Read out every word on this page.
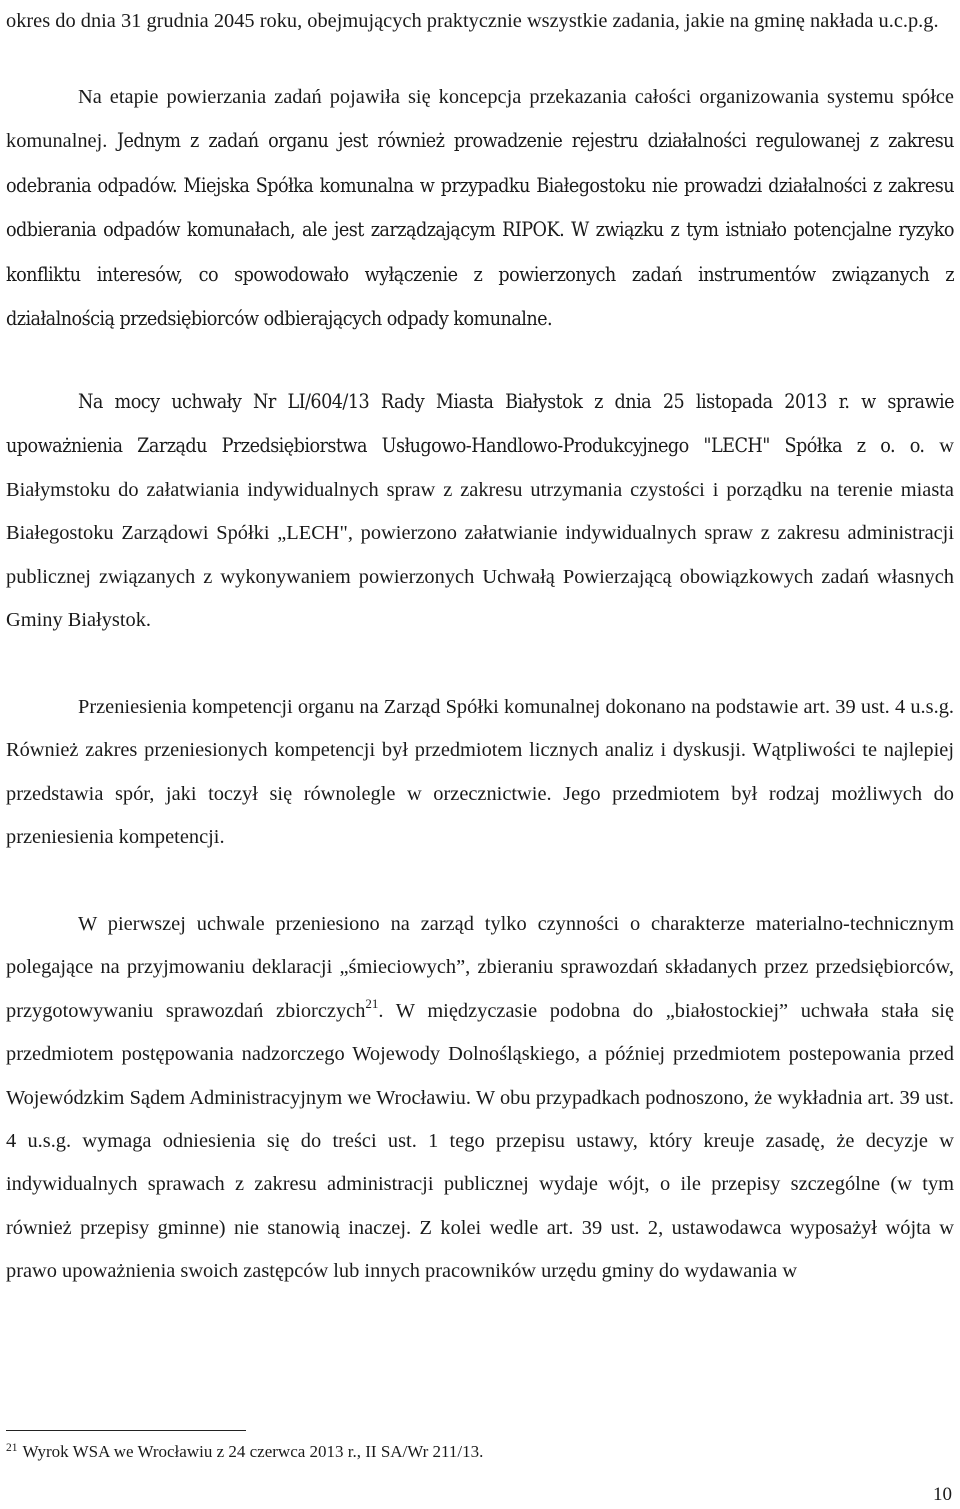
okres do dnia 31 grudnia 2045 roku, obejmujących praktycznie wszystkie zadania, jakie na gminę nakłada u.c.p.g.

Na etapie powierzania zadań pojawiła się koncepcja przekazania całości organizowania systemu spółce komunalnej. Jednym z zadań organu jest również prowadzenie rejestru działalności regulowanej z zakresu odebrania odpadów. Miejska Spółka komunalna w przypadku Białegostoku nie prowadzi działalności z zakresu odbierania odpadów komunałach, ale jest zarządzającym RIPOK. W związku z tym istniało potencjalne ryzyko konfliktu interesów, co spowodowało wyłączenie z powierzonych zadań instrumentów związanych z działalnością przedsiębiorców odbierających odpady komunalne.

Na mocy uchwały Nr LI/604/13 Rady Miasta Białystok z dnia 25 listopada 2013 r. w sprawie upoważnienia Zarządu Przedsiębiorstwa Usługowo-Handlowo-Produkcyjnego "LECH" Spółka z o. o. w Białymstoku do załatwiania indywidualnych spraw z zakresu utrzymania czystości i porządku na terenie miasta Białegostoku Zarządowi Spółki „LECH", powierzono załatwianie indywidualnych spraw z zakresu administracji publicznej związanych z wykonywaniem powierzonych Uchwałą Powierzającą obowiązkowych zadań własnych Gminy Białystok.

Przeniesienia kompetencji organu na Zarząd Spółki komunalnej dokonano na podstawie art. 39 ust. 4 u.s.g. Również zakres przeniesionych kompetencji był przedmiotem licznych analiz i dyskusji. Wątpliwości te najlepiej przedstawia spór, jaki toczył się równolegle w orzecznictwie. Jego przedmiotem był rodzaj możliwych do przeniesienia kompetencji.

W pierwszej uchwale przeniesiono na zarząd tylko czynności o charakterze materialno-technicznym polegające na przyjmowaniu deklaracji „śmieciowych”, zbieraniu sprawozdań składanych przez przedsiębiorców, przygotowywaniu sprawozdań zbiorczych$^{21}$. W międzyczasie podobna do „białostockiej” uchwała stała się przedmiotem postępowania nadzorczego Wojewody Dolnośląskiego, a później przedmiotem postepowania przed Wojewódzkim Sądem Administracyjnym we Wrocławiu. W obu przypadkach podnoszono, że wykładnia art. 39 ust. 4 u.s.g. wymaga odniesienia się do treści ust. 1 tego przepisu ustawy, który kreuje zasadę, że decyzje w indywidualnych sprawach z zakresu administracji publicznej wydaje wójt, o ile przepisy szczególne (w tym również przepisy gminne) nie stanowią inaczej. Z kolei wedle art. 39 ust. 2, ustawodawca wyposażył wójta w prawo upoważnienia swoich zastępców lub innych pracowników urzędu gminy do wydawania w

$^{21}$ Wyrok WSA we Wrocławiu z 24 czerwca 2013 r., II SA/Wr 211/13.
10
